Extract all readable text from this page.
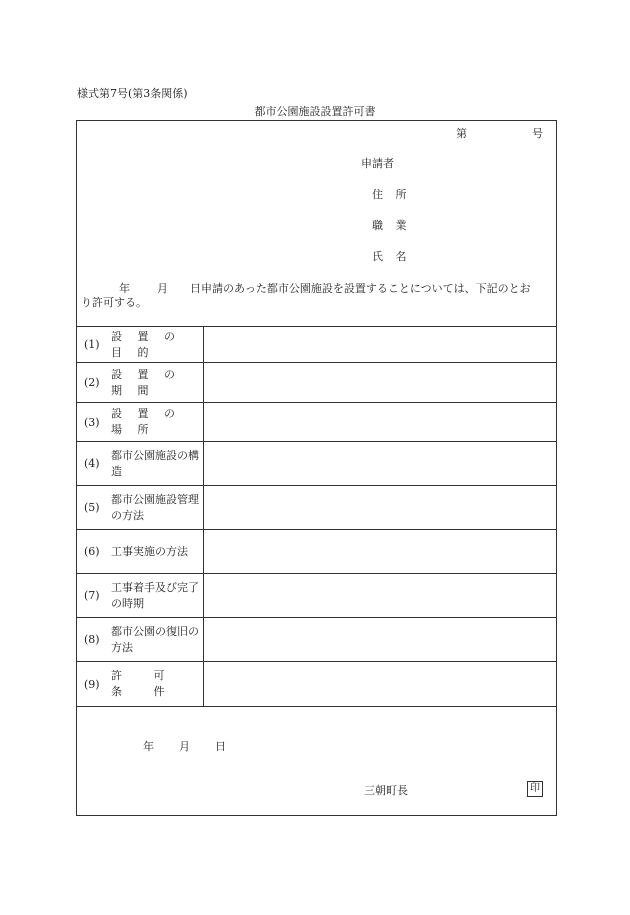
様式第7号(第3条関係)
都市公園施設設置許可書
第	号
申請者
住 所
職 業
氏 名
年 月 日申請のあった都市公園施設を設置することについては、下記のとお
り許可する。
(1)
設 置 の 目 的
(2)
設 置 の 期 間
(3)
設 置 の 場 所
(4)
都市公園施設の構造
(5)
都市公園施設管理の方法
(6)	工事実施の方法
(7)
工事着手及び完了の時期
(8)
都市公園の復旧の方法
(9)
許 可 条 件
年 月 日
三朝町長	印
